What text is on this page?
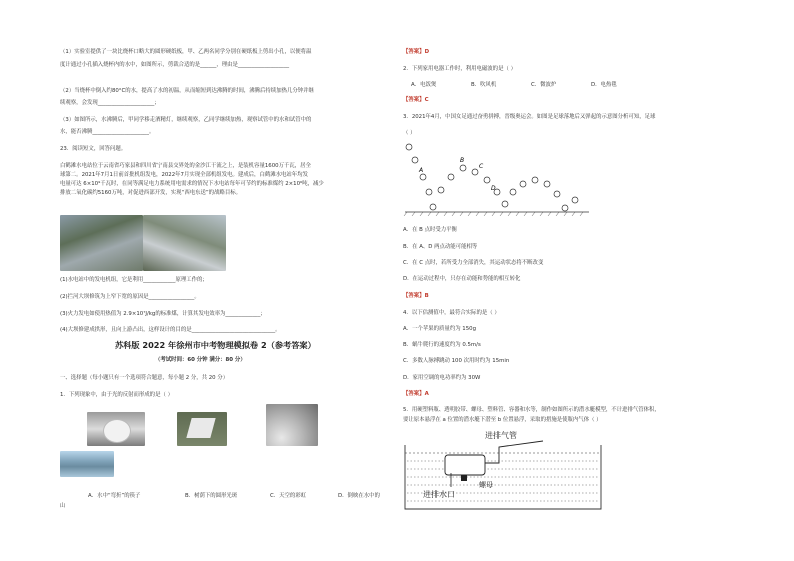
（1）实验室提供了一块比烧杯口略大的圆形硬纸板，甲、乙两名同学分别在硬纸板上剪出小孔，以便将温
度计通过小孔插入烧杯内的水中，如图所示，剪裁合适的是______，理由是___________________
（2）当烧杯中倒入约80°C的水，提高了水的初温，从而缩短到达沸腾的时间，沸腾后持续加热几分钟并继
续观察，会发现_____________________；
（3）如图所示，水沸腾后，甲同学移走酒精灯，继续观察，乙同学继续加热，观察试管中的水和试管中的
水，能否沸腾_____________________。
23．阅读短文，回答问题。
白鹤滩水电站位于云南省巧家县和四川省宁南县交界处的金沙江干流之上，是装机容量1600万千瓦，居全
球第二。2021年7月1日前首批机组发电，2022年7月实现全部机组发电。建成后，白鹤滩水电站年均发
电量可达 6×10⁹千瓦时，在同等满足电力系统用电需求的情况下水电站每年可节约的标准煤约 2×10⁶吨，减少
排放二氧化碳约5160万吨，对促进西部开发，实现“西电东送”的战略目标。
(1)水电站中的发电机组，它是利用____________原理工作的；
(2)拦河大坝修筑为上窄下宽的原因是_________________。
(3)火力发电如使用热值为 2.9×10⁷J/kg的标准煤，计算其发电效率为_____________；
(4)大坝修建成拱形，且向上游凸出，这样设计的目的是_______________________________。
苏科版 2022 年徐州市中考物理模拟卷 2（参考答案）
（考试时间：60 分钟 满分：80 分）
一、选择题（每小题只有一个选项符合题意，每小题 2 分，共 20 分）
1．下列现象中，由于光的反射而形成的是（ ）
A．水中“弯折”的筷子	B．树荫下的圆形光斑	C．天空的彩虹	D．倒映在水中的
山
【答案】D
2．下列家用电器工作时，利用电磁波的是（ ）
A．电饭煲	B．吹风机	C．微波炉	D．电热毯
【答案】C
3．2021年4月，中国女足通过奋勇拼搏，晋级奥运会。如图是足球落地后又弹起的示意图分析可知，足球
（ ）
A
B
C
D
A．在 B 点时受力平衡
B．在 A、D 两点动能可能相等
C．在 C 点时，若所受力全部消失，其运动状态将不断改变
D．在运动过程中，只存在动能和势能的相互转化
【答案】B
4．以下估测值中，最符合实际的是（ ）
A．一个苹果的质量约为 150g
B．蜗牛爬行的速度约为 0.5m/s
C．多数人脉搏跳动 100 次用时约为 15min
D．家用空调的电功率约为 30W
【答案】A
5．用硬塑料瓶、透明胶带、螺母、塑料管、容器和水等，制作如图所示的潜水艇模型，不计进排气管体积，
要让原本悬浮在 a 位置的潜水艇下潜至 b 位置悬浮，采取的措施是使瓶内气体（ ）
进排气管
螺母
进排水口
